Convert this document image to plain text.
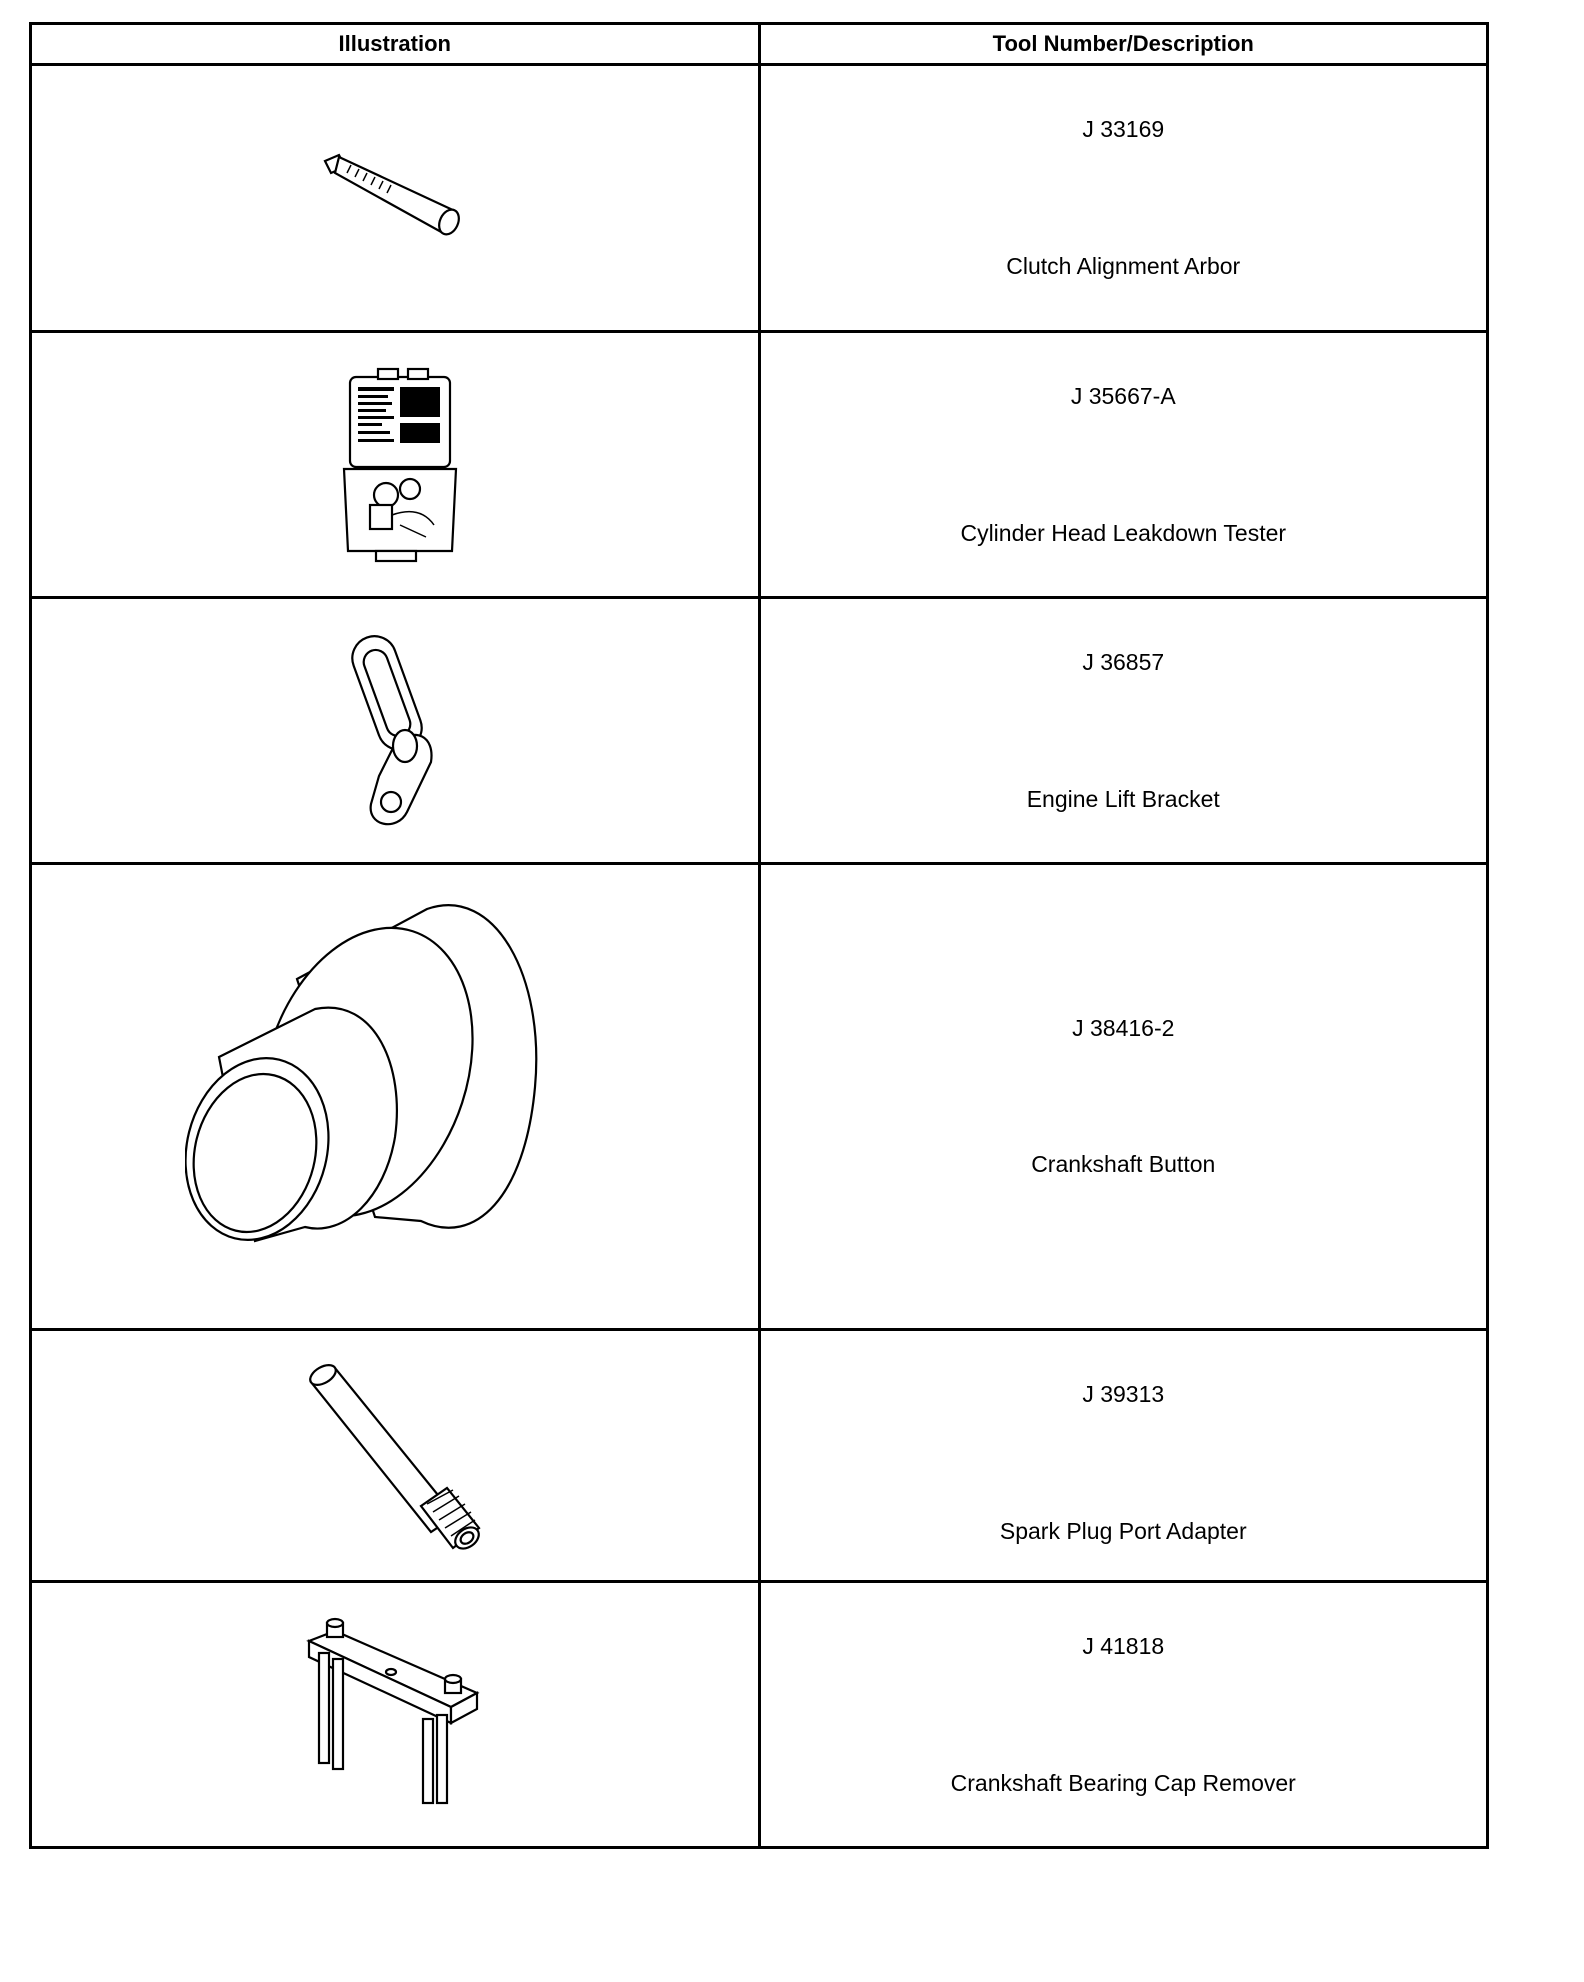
Illustration	Tool Number/Description

J 33169
Clutch Alignment Arbor

J 35667-A
Cylinder Head Leakdown Tester

J 36857
Engine Lift Bracket

J 38416-2
Crankshaft Button

J 39313
Spark Plug Port Adapter

J 41818
Crankshaft Bearing Cap Remover
